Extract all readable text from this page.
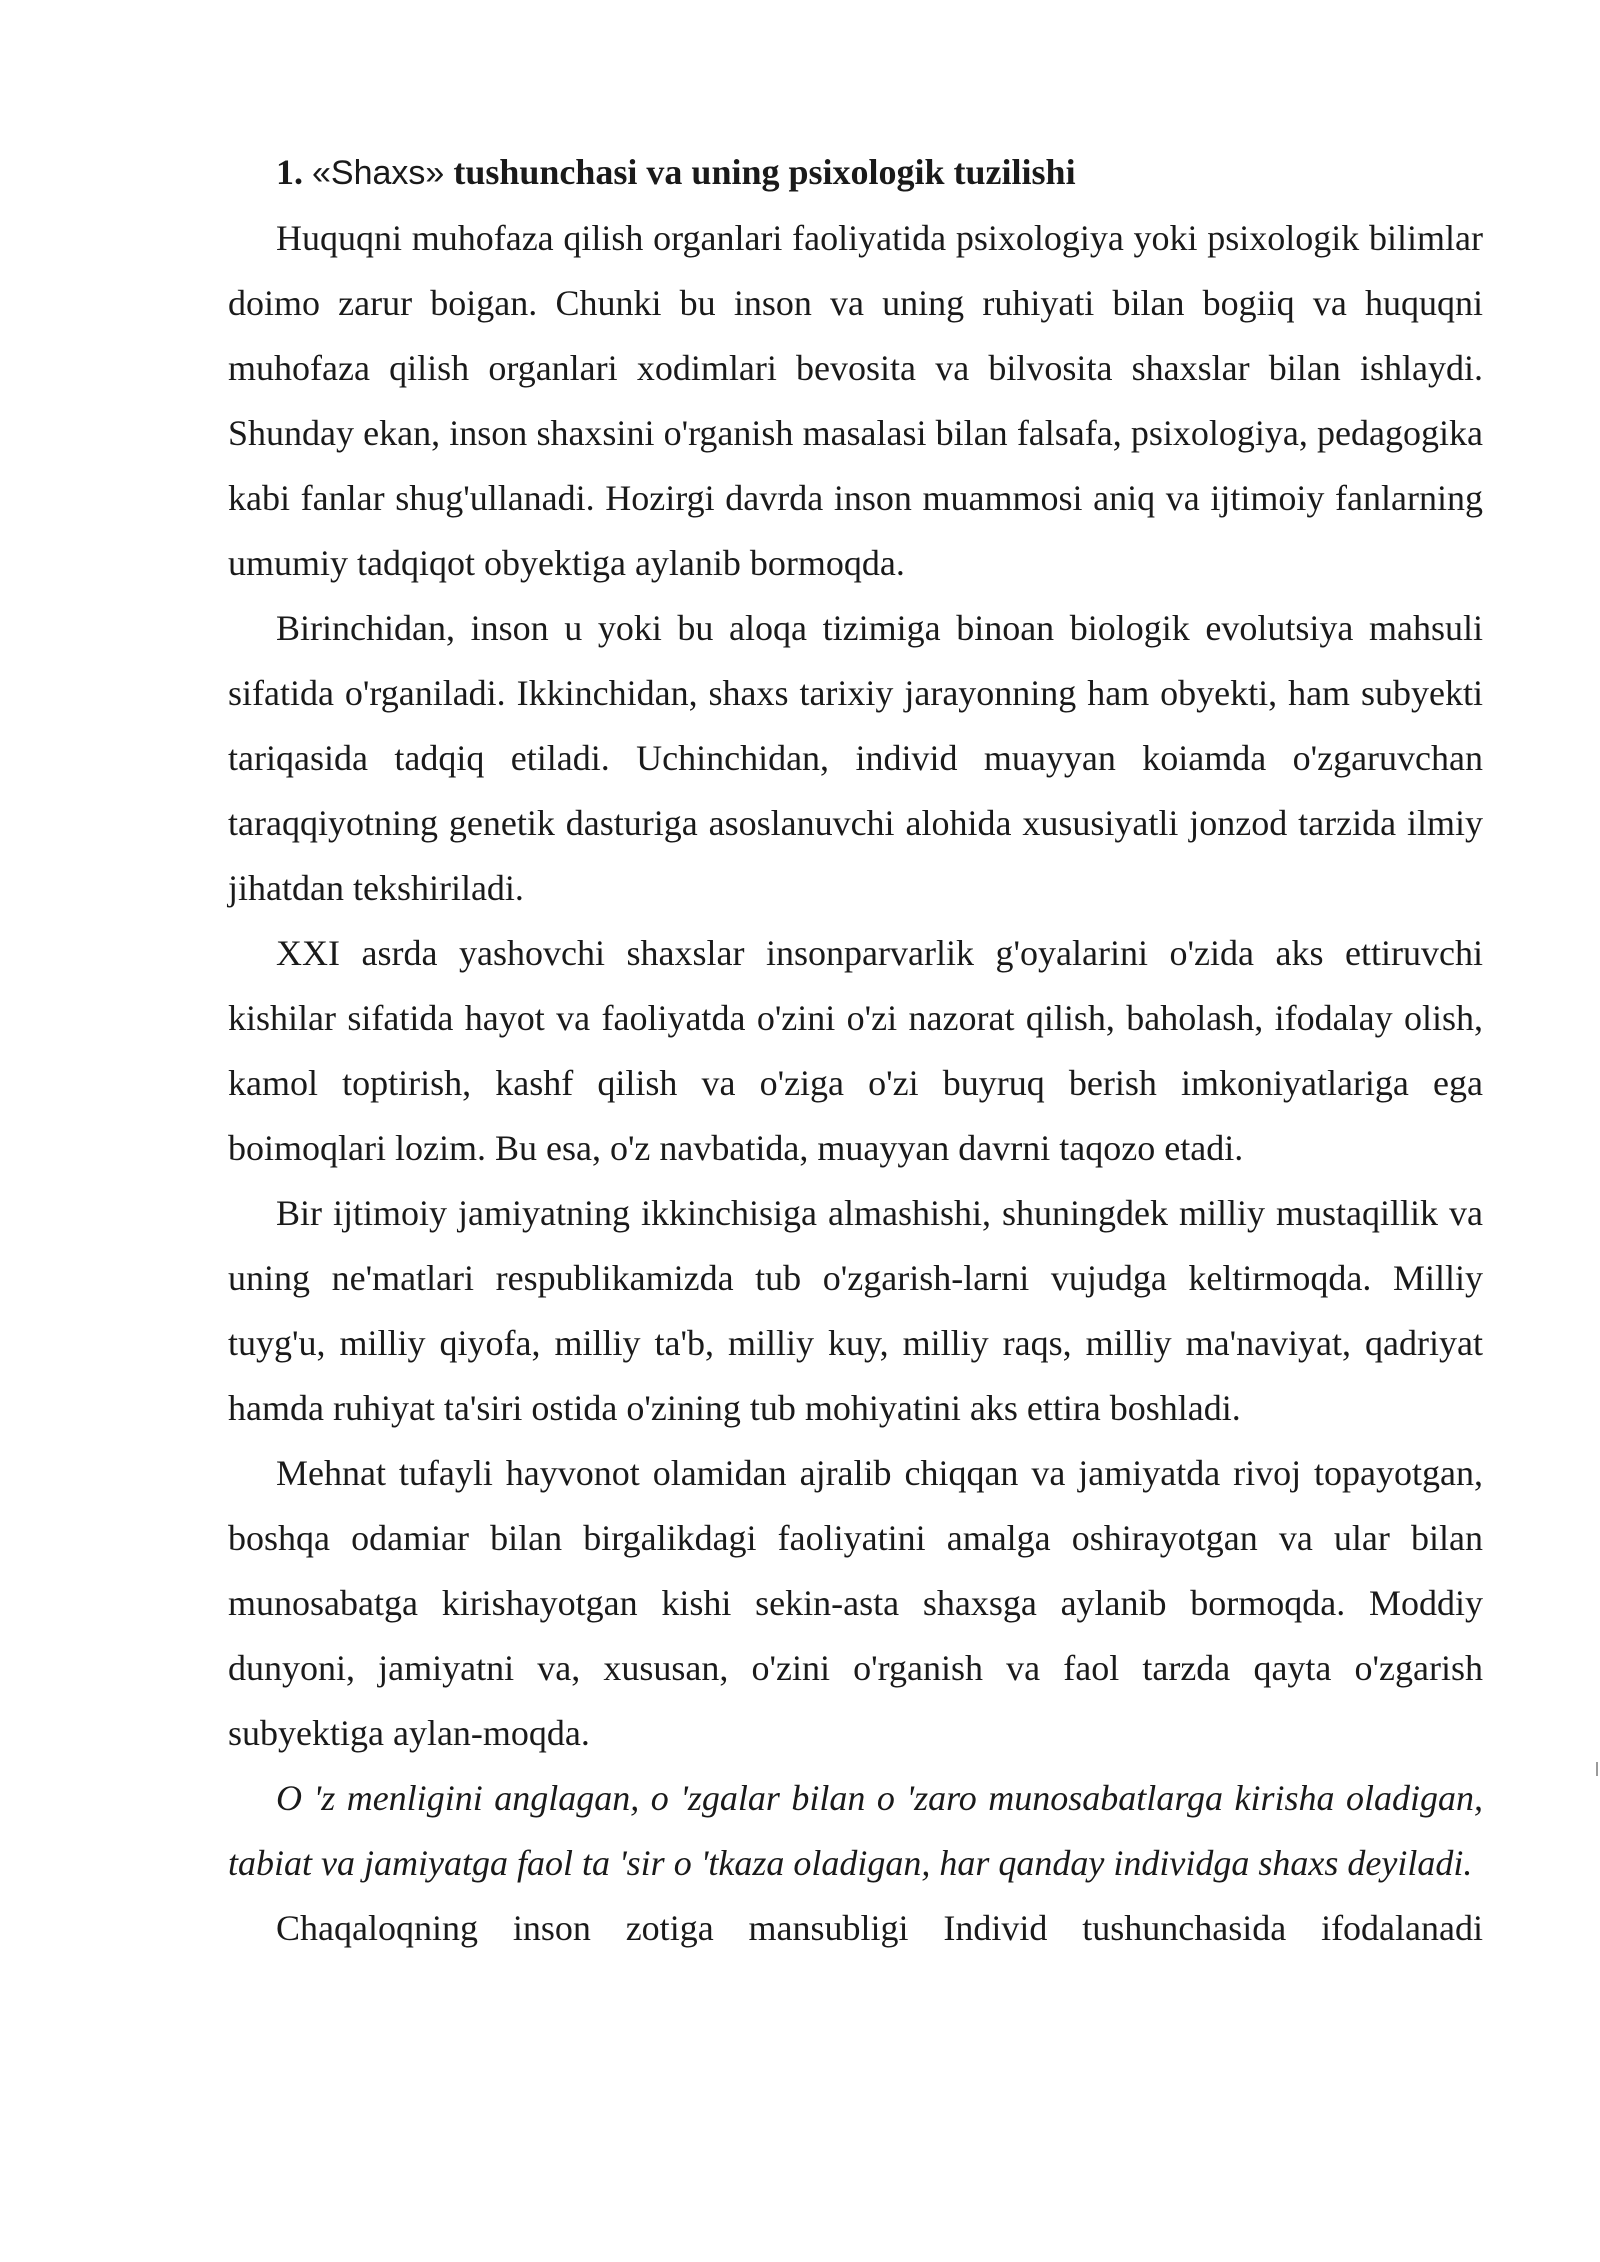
1. «Shaxs» tushunchasi va uning psixologik tuzilishi

Huquqni muhofaza qilish organlari faoliyatida psixologiya yoki psixologik bilimlar doimo zarur boigan. Chunki bu inson va uning ruhiyati bilan bogiiq va huquqni muhofaza qilish organlari xodimlari bevosita va bilvosita shaxslar bilan ishlaydi. Shunday ekan, inson shaxsini o'rganish masalasi bilan falsafa, psixologiya, pedagogika kabi fanlar shug'ullanadi. Hozirgi davrda inson muammosi aniq va ijtimoiy fanlarning umumiy tadqiqot obyektiga aylanib bormoqda.

Birinchidan, inson u yoki bu aloqa tizimiga binoan biologik evolutsiya mahsuli sifatida o'rganiladi. Ikkinchidan, shaxs tarixiy jarayonning ham obyekti, ham subyekti tariqasida tadqiq etiladi. Uchinchidan, individ muayyan koiamda o'zgaruvchan taraqqiyotning genetik dasturiga asoslanuvchi alohida xususiyatli jonzod tarzida ilmiy jihatdan tekshiriladi.

XXI asrda yashovchi shaxslar insonparvarlik g'oyalarini o'zida aks ettiruvchi kishilar sifatida hayot va faoliyatda o'zini o'zi nazorat qilish, baholash, ifodalay olish, kamol toptirish, kashf qilish va o'ziga o'zi buyruq berish imkoniyatlariga ega boimoqlari lozim. Bu esa, o'z navbatida, muayyan davrni taqozo etadi.

Bir ijtimoiy jamiyatning ikkinchisiga almashishi, shuningdek milliy mustaqillik va uning ne'matlari respublikamizda tub o'zgarish-larni vujudga keltirmoqda. Milliy tuyg'u, milliy qiyofa, milliy ta'b, milliy kuy, milliy raqs, milliy ma'naviyat, qadriyat hamda ruhiyat ta'siri ostida o'zining tub mohiyatini aks ettira boshladi.

Mehnat tufayli hayvonot olamidan ajralib chiqqan va jamiyatda rivoj topayotgan, boshqa odamiar bilan birgalikdagi faoliyatini amalga oshirayotgan va ular bilan munosabatga kirishayotgan kishi sekin-asta shaxsga aylanib bormoqda. Moddiy dunyoni, jamiyatni va, xususan, o'zini o'rganish va faol tarzda qayta o'zgarish subyektiga aylan-moqda.

O 'z menligini anglagan, o 'zgalar bilan o 'zaro munosabatlarga kirisha oladigan, tabiat va jamiyatga faol ta 'sir o 'tkaza oladigan, har qanday individga shaxs deyiladi.

Chaqaloqning inson zotiga mansubligi Individ tushunchasida ifodalanadi
